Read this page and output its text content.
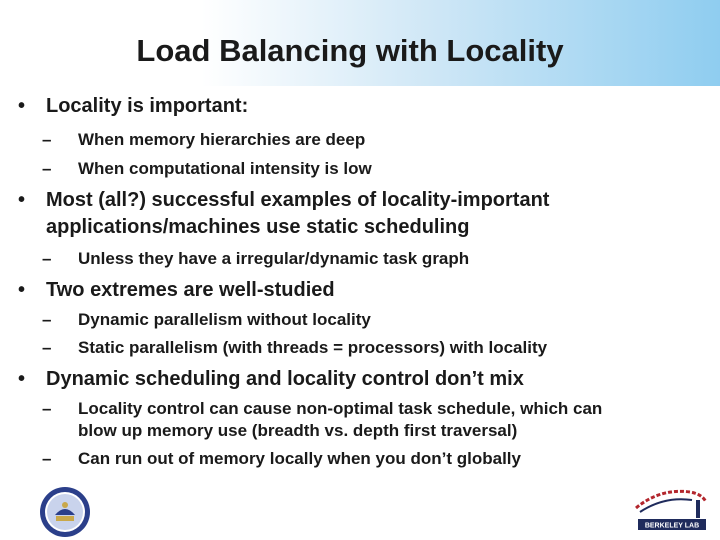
Load Balancing with Locality
• Locality is important:
– When memory hierarchies are deep
– When computational intensity is low
• Most (all?) successful examples of locality-important
applications/machines use static scheduling
– Unless they have a irregular/dynamic task graph
• Two extremes are well-studied
– Dynamic parallelism without locality
– Static parallelism (with threads = processors) with locality
• Dynamic scheduling and locality control don’t mix
– Locality control can cause non-optimal task schedule, which can
blow up memory use (breadth vs. depth first traversal)
– Can run out of memory locally when you don’t globally
BERKELEY LAB
